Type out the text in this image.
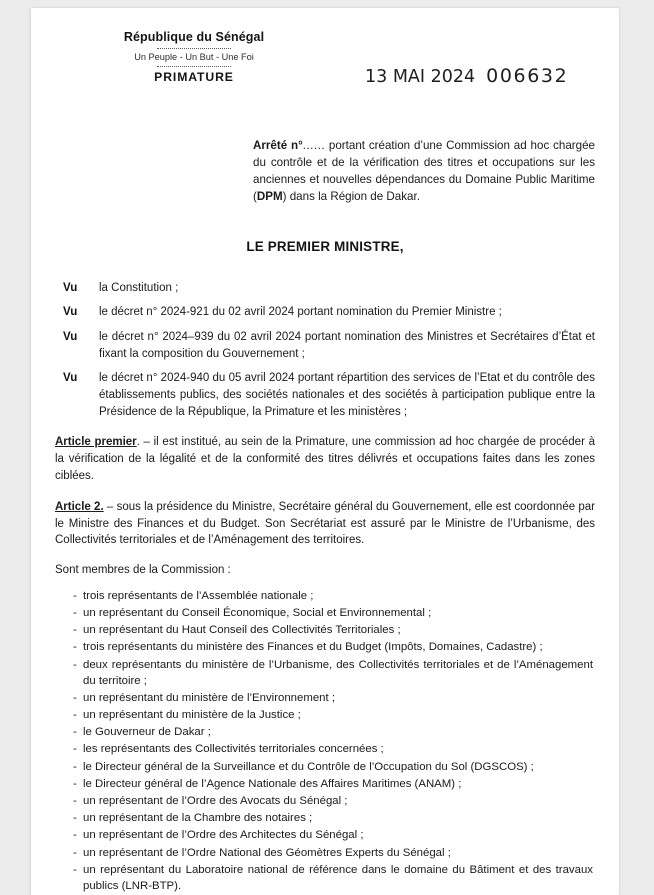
République du Sénégal
Un Peuple - Un But - Une Foi
PRIMATURE	13 MAI 2024 006632
Arrêté n°...... portant création d’une Commission ad hoc chargée du contrôle et de la vérification des titres et occupations sur les anciennes et nouvelles dépendances du Domaine Public Maritime (DPM) dans la Région de Dakar.
LE PREMIER MINISTRE,
Vu	la Constitution ;
Vu	le décret n° 2024-921 du 02 avril 2024 portant nomination du Premier Ministre ;
Vu	le décret n° 2024–939 du 02 avril 2024 portant nomination des Ministres et Secrétaires d’État et fixant la composition du Gouvernement ;
Vu	le décret n° 2024-940 du 05 avril 2024 portant répartition des services de l’Etat et du contrôle des établissements publics, des sociétés nationales et des sociétés à participation publique entre la Présidence de la République, la Primature et les ministères ;

Article premier. – il est institué, au sein de la Primature, une commission ad hoc chargée de procéder à la vérification de la légalité et de la conformité des titres délivrés et occupations faites dans les zones ciblées.

Article 2. – sous la présidence du Ministre, Secrétaire général du Gouvernement, elle est coordonnée par le Ministre des Finances et du Budget. Son Secrétariat est assuré par le Ministre de l’Urbanisme, des Collectivités territoriales et de l’Aménagement des territoires.

Sont membres de la Commission :

- trois représentants de l’Assemblée nationale ;
- un représentant du Conseil Économique, Social et Environnemental ;
- un représentant du Haut Conseil des Collectivités Territoriales ;
- trois représentants du ministère des Finances et du Budget (Impôts, Domaines, Cadastre) ;
- deux représentants du ministère de l’Urbanisme, des Collectivités territoriales et de l’Aménagement du territoire ;
- un représentant du ministère de l’Environnement ;
- un représentant du ministère de la Justice ;
- le Gouverneur de Dakar ;
- les représentants des Collectivités territoriales concernées ;
- le Directeur général de la Surveillance et du Contrôle de l’Occupation du Sol (DGSCOS) ;
- le Directeur général de l’Agence Nationale des Affaires Maritimes (ANAM) ;
- un représentant de l’Ordre des Avocats du Sénégal ;
- un représentant de la Chambre des notaires ;
- un représentant de l’Ordre des Architectes du Sénégal ;
- un représentant de l’Ordre National des Géomètres Experts du Sénégal ;
- un représentant du Laboratoire national de référence dans le domaine du Bâtiment et des travaux publics (LNR-BTP).
